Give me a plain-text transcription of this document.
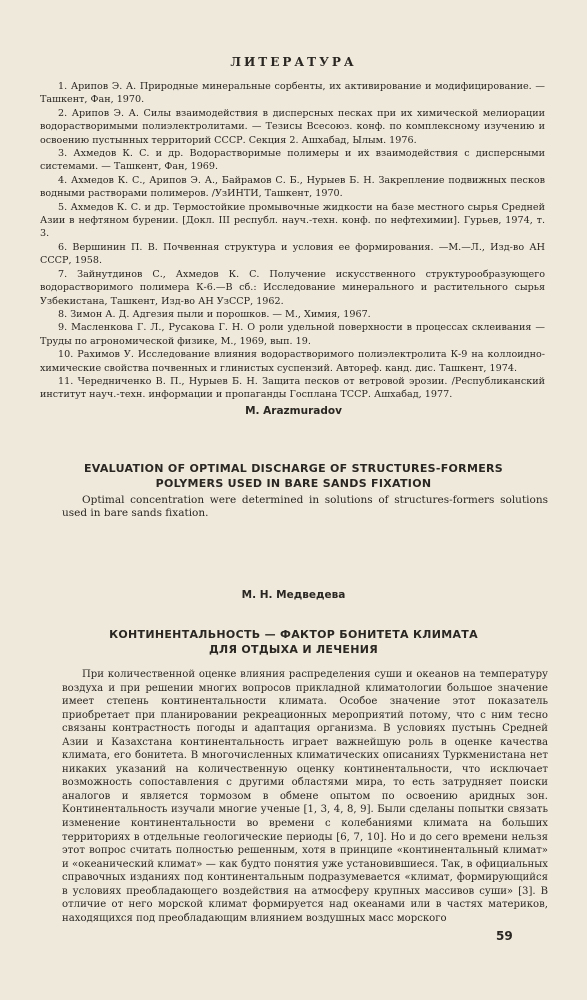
ЛИТЕРАТУРА

1. Арипов Э. А. Природные минеральные сорбенты, их активирование и модифицирование. — Ташкент, Фан, 1970.

2. Арипов Э. А. Силы взаимодействия в дисперсных песках при их химической мелиорации водорастворимыми полиэлектролитами. — Тезисы Всесоюз. конф. по комплексному изучению и освоению пустынных территорий СССР. Секция 2. Ашхабад, Ылым. 1976.

3. Ахмедов К. С. и др. Водорастворимые полимеры и их взаимодействия с дисперсными системами. — Ташкент, Фан, 1969.

4. Ахмедов К. С., Арипов Э. А., Байрамов С. Б., Нурыев Б. Н. Закрепление подвижных песков водными растворами полимеров. /УзИНТИ, Ташкент, 1970.

5. Ахмедов К. С. и др. Термостойкие промывочные жидкости на базе местного сырья Средней Азии в нефтяном бурении. [Докл. III республ. науч.-техн. конф. по нефтехимии]. Гурьев, 1974, т. 3.

6. Вершинин П. В. Почвенная структура и условия ее формирования. —М.—Л., Изд-во АН СССР, 1958.

7. Зайнутдинов С., Ахмедов К. С. Получение искусственного структурообразующего водорастворимого полимера К-6.—В сб.: Исследование минерального и растительного сырья Узбекистана, Ташкент, Изд-во АН УзССР, 1962.

8. Зимон А. Д. Адгезия пыли и порошков. — М., Химия, 1967.

9. Масленкова Г. Л., Русакова Г. Н. О роли удельной поверхности в процессах склеивания — Труды по агрономической физике, М., 1969, вып. 19.

10. Рахимов У. Исследование влияния водорастворимого полиэлектролита К-9 на коллоидно-химические свойства почвенных и глинистых суспензий. Автореф. канд. дис. Ташкент, 1974.

11. Чередниченко В. П., Нурыев Б. Н. Защита песков от ветровой эрозии. /Республиканский институт науч.-техн. информации и пропаганды Госплана ТССР. Ашхабад, 1977.

M. Arazmuradov
EVALUATION OF OPTIMAL DISCHARGE OF STRUCTURES-FORMERS
POLYMERS USED IN BARE SANDS FIXATION
Optimal concentration were determined in solutions of structures-formers solutions used in bare sands fixation.
М. Н. Медведева
КОНТИНЕНТАЛЬНОСТЬ — ФАКТОР БОНИТЕТА КЛИМАТА
ДЛЯ ОТДЫХА И ЛЕЧЕНИЯ
При количественной оценке влияния распределения суши и океанов на температуру воздуха и при решении многих вопросов прикладной климатологии большое значение имеет степень континентальности климата. Особое значение этот показатель приобретает при планировании рекреационных мероприятий потому, что с ним тесно связаны контрастность погоды и адаптация организма. В условиях пустынь Средней Азии и Казахстана континентальность играет важнейшую роль в оценке качества климата, его бонитета. В многочисленных климатических описаниях Туркменистана нет никаких указаний на количественную оценку континентальности, что исключает возможность сопоставления с другими областями мира, то есть затрудняет поиски аналогов и является тормозом в обмене опытом по освоению аридных зон. Континентальность изучали многие ученые [1, 3, 4, 8, 9]. Были сделаны попытки связать изменение континентальности во времени с колебаниями климата на больших территориях в отдельные геологические периоды [6, 7, 10]. Но и до сего времени нельзя этот вопрос считать полностью решенным, хотя в принципе «континентальный климат» и «океанический климат» — как будто понятия уже установившиеся. Так, в официальных справочных изданиях под континентальным подразумевается «климат, формирующийся в условиях преобладающего воздействия на атмосферу крупных массивов суши» [3]. В отличие от него морской климат формируется над океанами или в частях материков, находящихся под преобладающим влиянием воздушных масс морского
59
